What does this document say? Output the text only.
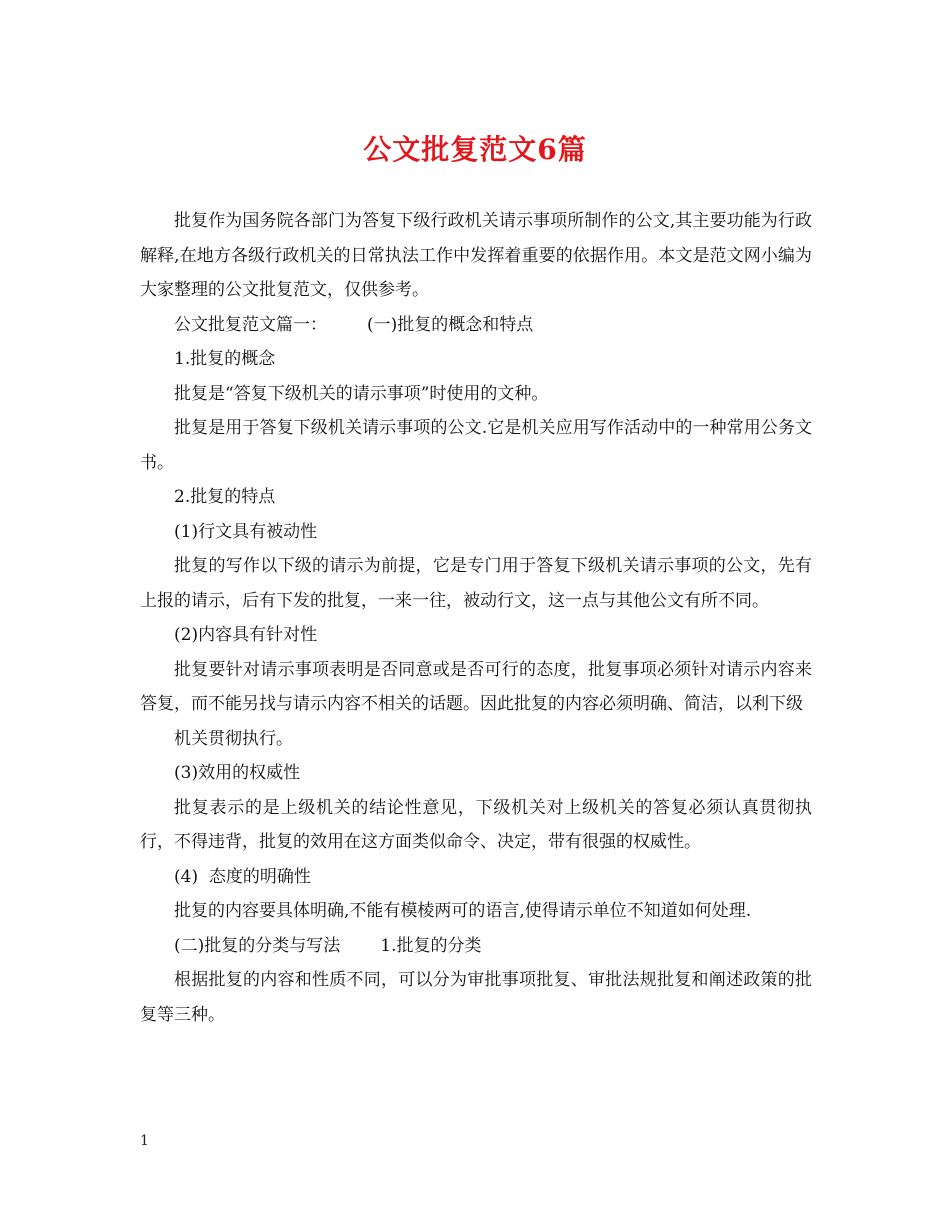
公文批复范文6篇

批复作为国务院各部门为答复下级行政机关请示事项所制作的公文,其主要功能为行政解释,在地方各级行政机关的日常执法工作中发挥着重要的依据作用。本文是范文网小编为大家整理的公文批复范文，仅供参考。

公文批复范文篇一： (一)批复的概念和特点

1.批复的概念

批复是“答复下级机关的请示事项”时使用的文种。

批复是用于答复下级机关请示事项的公文.它是机关应用写作活动中的一种常用公务文书。

2.批复的特点

(1)行文具有被动性

批复的写作以下级的请示为前提，它是专门用于答复下级机关请示事项的公文，先有上报的请示，后有下发的批复，一来一往，被动行文，这一点与其他公文有所不同。

(2)内容具有针对性

批复要针对请示事项表明是否同意或是否可行的态度，批复事项必须针对请示内容来答复，而不能另找与请示内容不相关的话题。因此批复的内容必须明确、简洁，以利下级

机关贯彻执行。

(3)效用的权威性

批复表示的是上级机关的结论性意见，下级机关对上级机关的答复必须认真贯彻执行，不得违背，批复的效用在这方面类似命令、决定，带有很强的权威性。

(4)  态度的明确性

批复的内容要具体明确,不能有模棱两可的语言,使得请示单位不知道如何处理.

(二)批复的分类与写法 1.批复的分类

根据批复的内容和性质不同，可以分为审批事项批复、审批法规批复和阐述政策的批复等三种。

1
